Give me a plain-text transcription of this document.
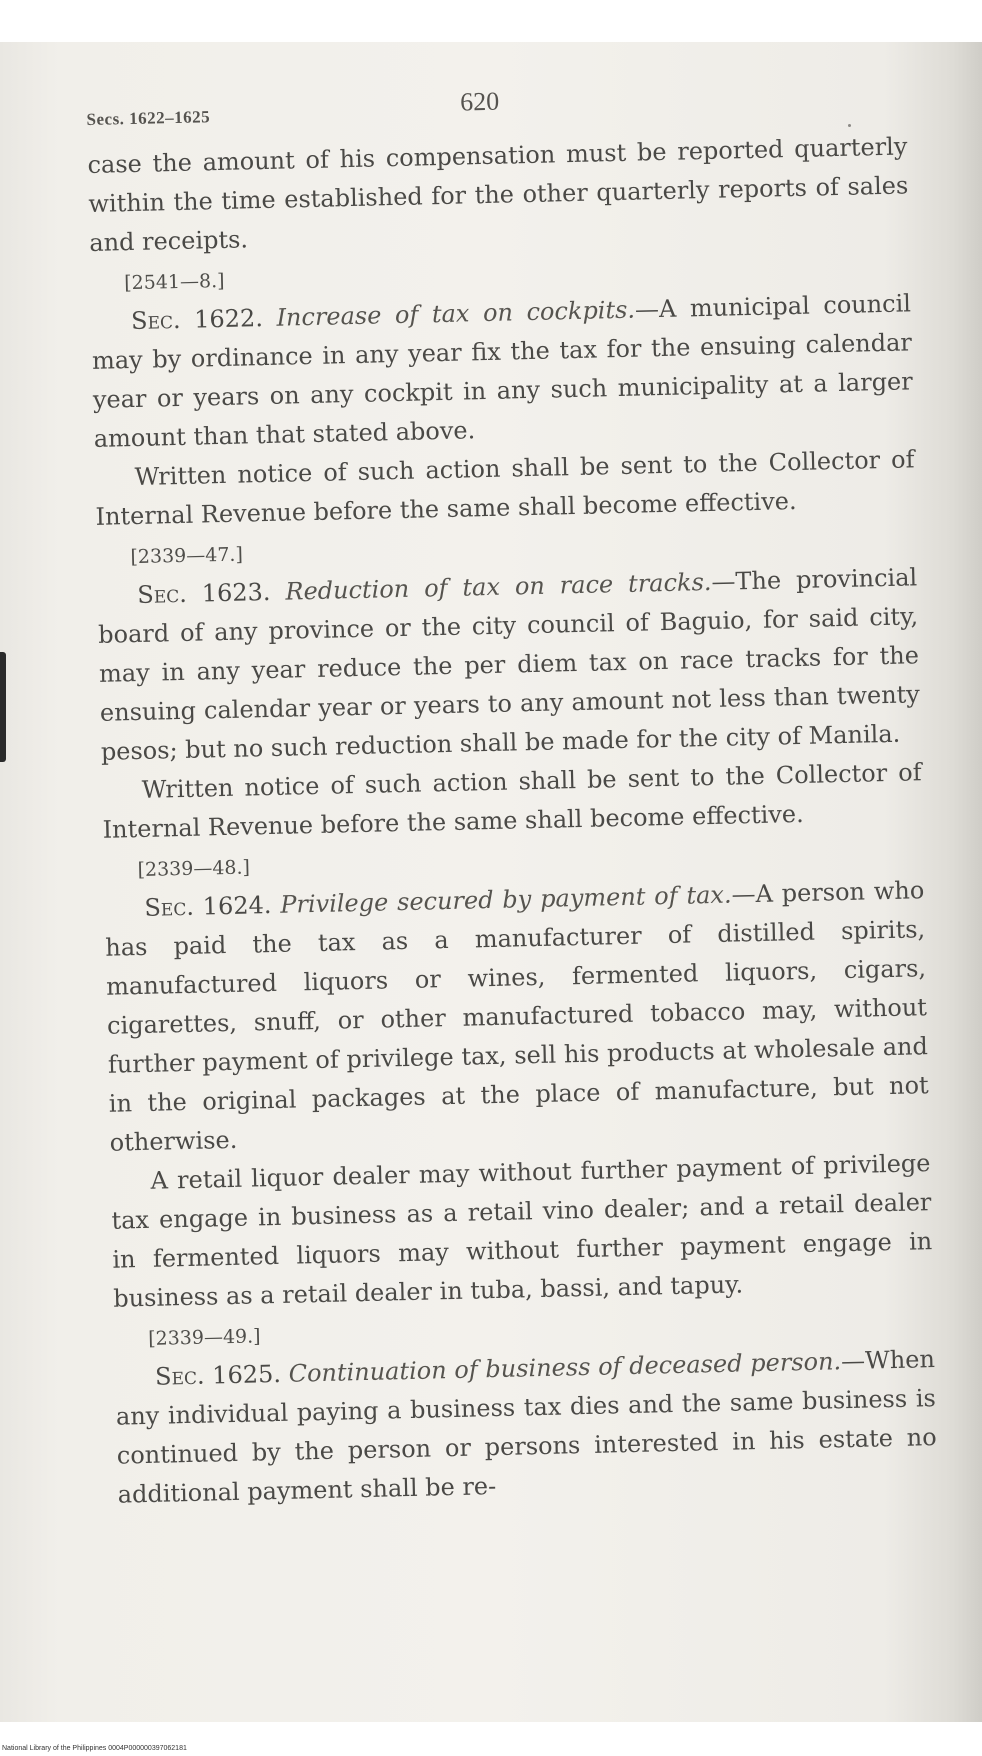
Secs. 1622–1625
620

case the amount of his compensation must be reported quarterly within the time established for the other quarterly reports of sales and receipts.

[2541—8.]

Sec. 1622. Increase of tax on cockpits.—A municipal council may by ordinance in any year fix the tax for the ensuing calendar year or years on any cockpit in any such municipality at a larger amount than that stated above.

Written notice of such action shall be sent to the Collector of Internal Revenue before the same shall become effective.

[2339—47.]

Sec. 1623. Reduction of tax on race tracks.—The provincial board of any province or the city council of Baguio, for said city, may in any year reduce the per diem tax on race tracks for the ensuing calendar year or years to any amount not less than twenty pesos; but no such reduction shall be made for the city of Manila.

Written notice of such action shall be sent to the Collector of Internal Revenue before the same shall become effective.

[2339—48.]

Sec. 1624. Privilege secured by payment of tax.—A person who has paid the tax as a manufacturer of distilled spirits, manufactured liquors or wines, fermented liquors, cigars, cigarettes, snuff, or other manufactured tobacco may, without further payment of privilege tax, sell his products at wholesale and in the original packages at the place of manufacture, but not otherwise.

A retail liquor dealer may without further payment of privilege tax engage in business as a retail vino dealer; and a retail dealer in fermented liquors may without further payment engage in business as a retail dealer in tuba, bassi, and tapuy.

[2339—49.]

Sec. 1625. Continuation of business of deceased person.—When any individual paying a business tax dies and the same business is continued by the person or persons interested in his estate no additional payment shall be re-

National Library of the Philippines 0004P000000397062181
